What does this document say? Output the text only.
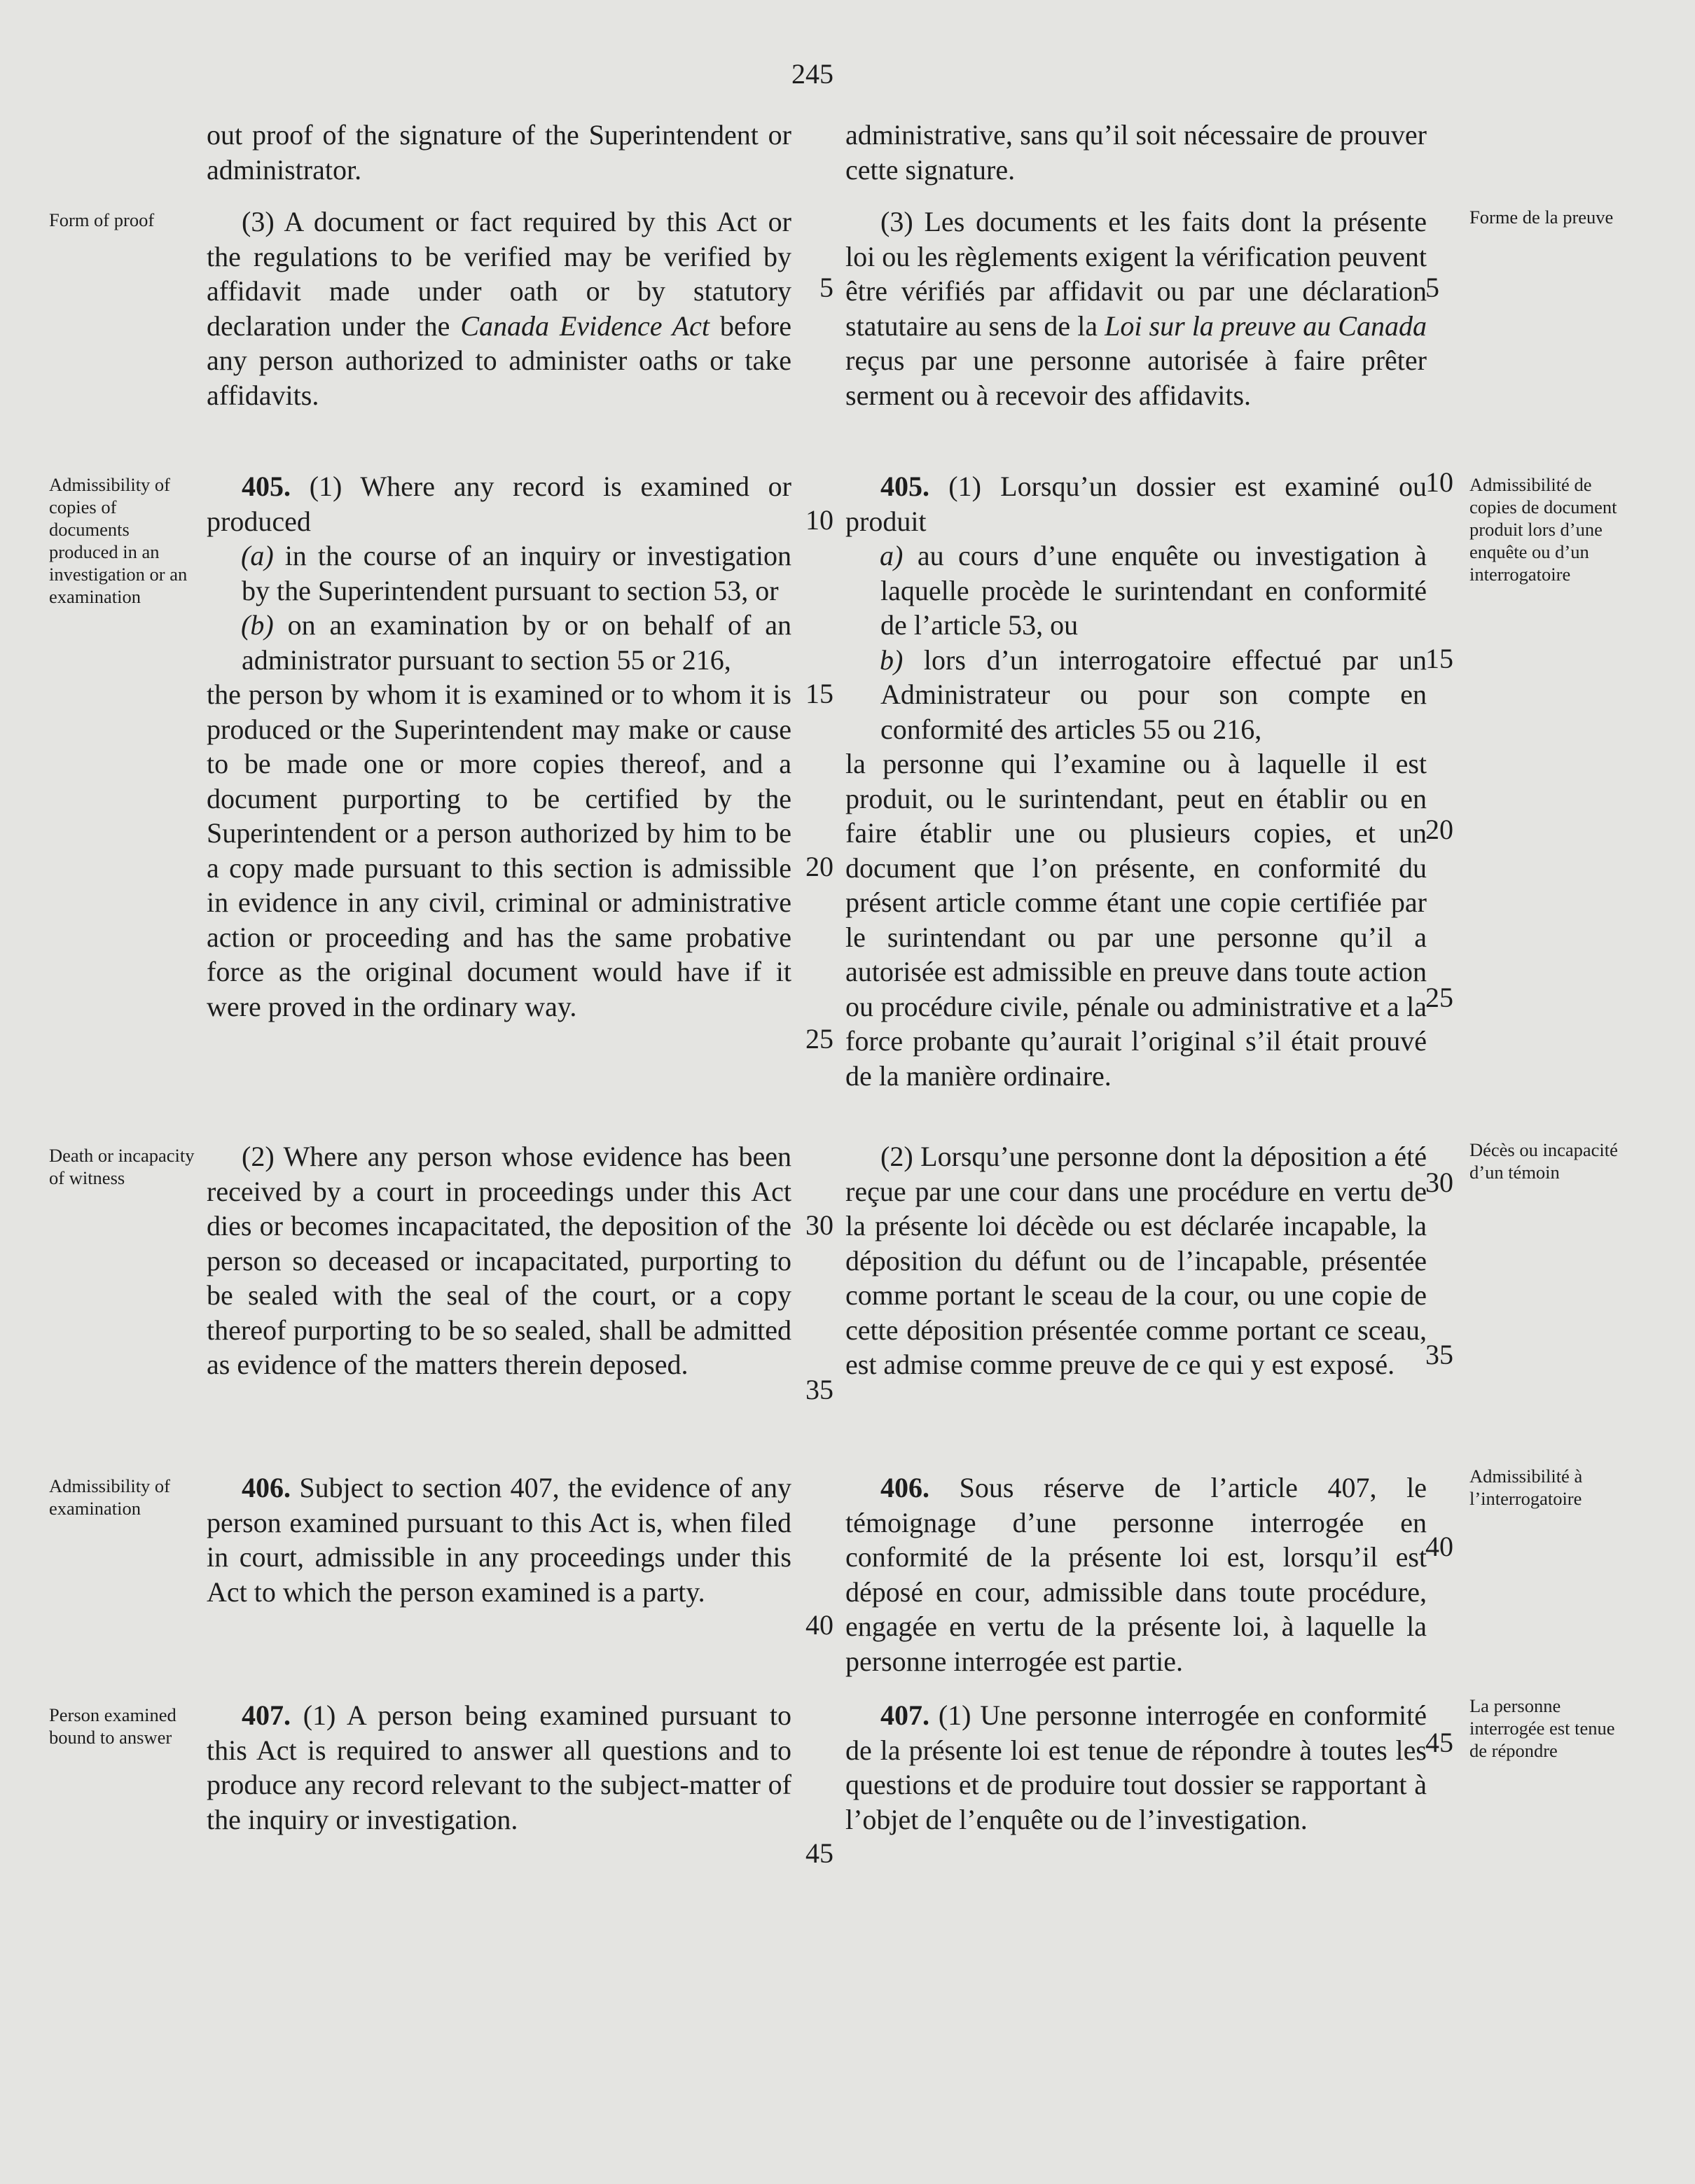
245
out proof of the signature of the Superintendent or administrator.
(3) A document or fact required by this Act or the regulations to be verified may be verified by affidavit made under oath or by statutory declaration under the Canada Evidence Act before any person authorized to administer oaths or take affidavits.
405. (1) Where any record is examined or produced
(a) in the course of an inquiry or investigation by the Superintendent pursuant to section 53, or
(b) on an examination by or on behalf of an administrator pursuant to section 55 or 216,
the person by whom it is examined or to whom it is produced or the Superintendent may make or cause to be made one or more copies thereof, and a document purporting to be certified by the Superintendent or a person authorized by him to be a copy made pursuant to this section is admissible in evidence in any civil, criminal or administrative action or proceeding and has the same probative force as the original document would have if it were proved in the ordinary way.
(2) Where any person whose evidence has been received by a court in proceedings under this Act dies or becomes incapacitated, the deposition of the person so deceased or incapacitated, purporting to be sealed with the seal of the court, or a copy thereof purporting to be so sealed, shall be admitted as evidence of the matters therein deposed.
406. Subject to section 407, the evidence of any person examined pursuant to this Act is, when filed in court, admissible in any proceedings under this Act to which the person examined is a party.
407. (1) A person being examined pursuant to this Act is required to answer all questions and to produce any record relevant to the subject-matter of the inquiry or investigation.
administrative, sans qu’il soit nécessaire de prouver cette signature.
(3) Les documents et les faits dont la présente loi ou les règlements exigent la vérification peuvent être vérifiés par affidavit ou par une déclaration statutaire au sens de la Loi sur la preuve au Canada reçus par une personne autorisée à faire prêter serment ou à recevoir des affidavits.
405. (1) Lorsqu’un dossier est examiné ou produit
a) au cours d’une enquête ou investigation à laquelle procède le surintendant en conformité de l’article 53, ou
b) lors d’un interrogatoire effectué par un Administrateur ou pour son compte en conformité des articles 55 ou 216,
la personne qui l’examine ou à laquelle il est produit, ou le surintendant, peut en établir ou en faire établir une ou plusieurs copies, et un document que l’on présente, en conformité du présent article comme étant une copie certifiée par le surintendant ou par une personne qu’il a autorisée est admissible en preuve dans toute action ou procédure civile, pénale ou administrative et a la force probante qu’aurait l’original s’il était prouvé de la manière ordinaire.
(2) Lorsqu’une personne dont la déposition a été reçue par une cour dans une procédure en vertu de la présente loi décède ou est déclarée incapable, la déposition du défunt ou de l’incapable, présentée comme portant le sceau de la cour, ou une copie de cette déposition présentée comme portant ce sceau, est admise comme preuve de ce qui y est exposé.
406. Sous réserve de l’article 407, le témoignage d’une personne interrogée en conformité de la présente loi est, lorsqu’il est déposé en cour, admissible dans toute procédure, engagée en vertu de la présente loi, à laquelle la personne interrogée est partie.
407. (1) Une personne interrogée en conformité de la présente loi est tenue de répondre à toutes les questions et de produire tout dossier se rapportant à l’objet de l’enquête ou de l’investigation.
Form of proof
Admissibility of copies of documents produced in an investigation or an examination
Death or incapacity of witness
Admissibility of examination
Person examined bound to answer
Forme de la preuve
Admissibilité de copies de document produit lors d’une enquête ou d’un interrogatoire
Décès ou incapacité d’un témoin
Admissibilité à l’interrogatoire
La personne interrogée est tenue de répondre
5
10
15
20
25
30
35
40
45
5
10
15
20
25
30
35
40
45
